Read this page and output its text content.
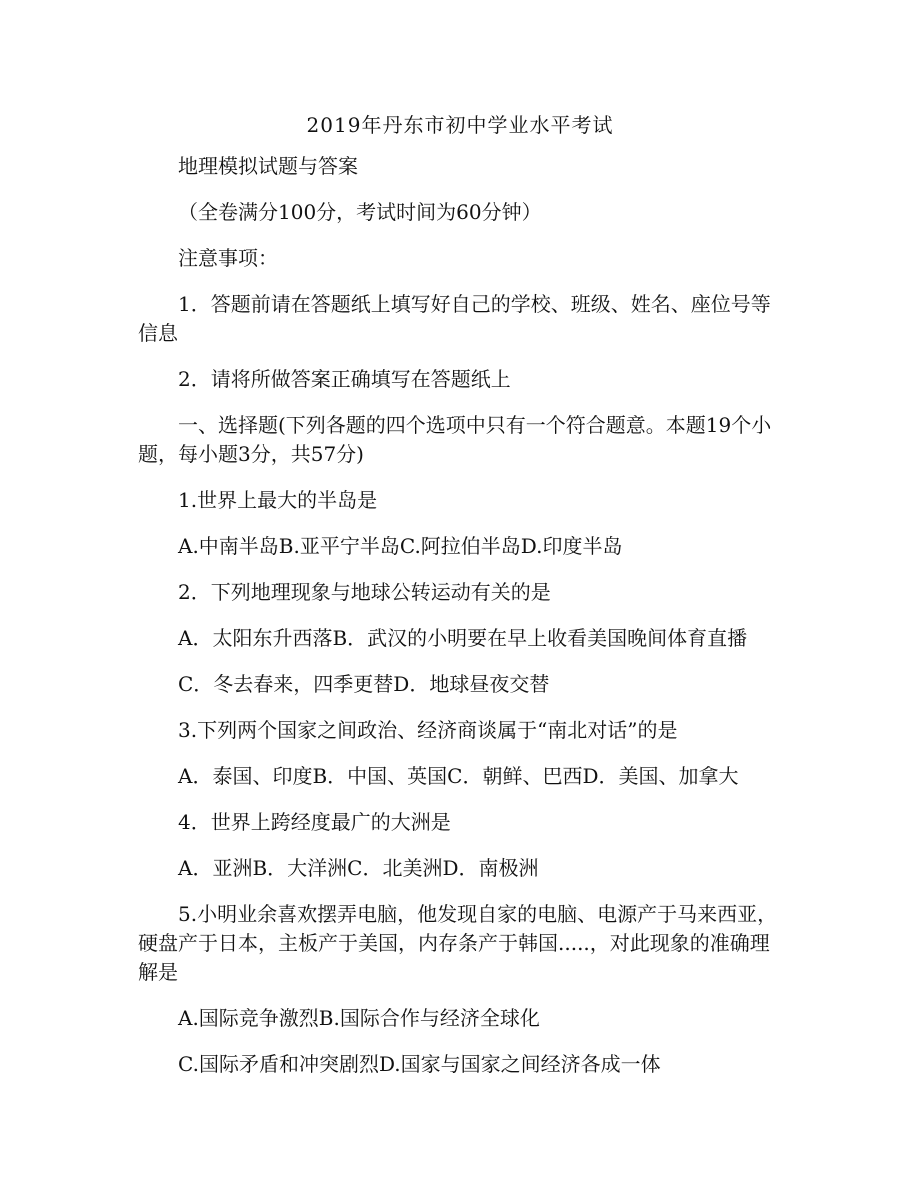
2019年丹东市初中学业水平考试

地理模拟试题与答案

（全卷满分100分，考试时间为60分钟）

注意事项：

1．答题前请在答题纸上填写好自己的学校、班级、姓名、座位号等信息

2．请将所做答案正确填写在答题纸上

一、选择题(下列各题的四个选项中只有一个符合题意。本题19个小题，每小题3分，共57分)

1.世界上最大的半岛是

A.中南半岛B.亚平宁半岛C.阿拉伯半岛D.印度半岛

2．下列地理现象与地球公转运动有关的是

A．太阳东升西落B．武汉的小明要在早上收看美国晚间体育直播

C．冬去春来，四季更替D．地球昼夜交替

3.下列两个国家之间政治、经济商谈属于“南北对话”的是

A．泰国、印度B．中国、英国C．朝鲜、巴西D．美国、加拿大

4．世界上跨经度最广的大洲是

A．亚洲B．大洋洲C．北美洲D．南极洲

5.小明业余喜欢摆弄电脑，他发现自家的电脑、电源产于马来西亚，硬盘产于日本，主板产于美国，内存条产于韩国.....，对此现象的准确理解是

A.国际竞争激烈B.国际合作与经济全球化

C.国际矛盾和冲突剧烈D.国家与国家之间经济各成一体
